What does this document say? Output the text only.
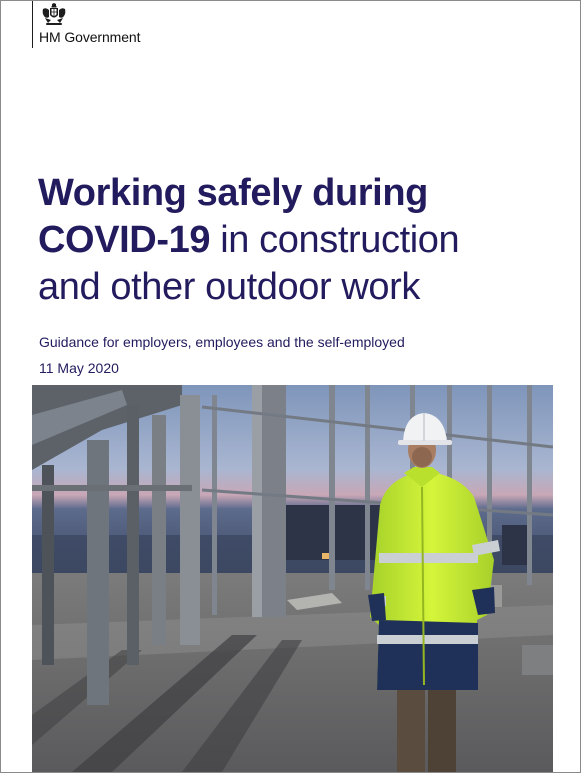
HM Government
Working safely during
COVID-19 in construction
and other outdoor work
Guidance for employers, employees and the self-employed
11 May 2020
